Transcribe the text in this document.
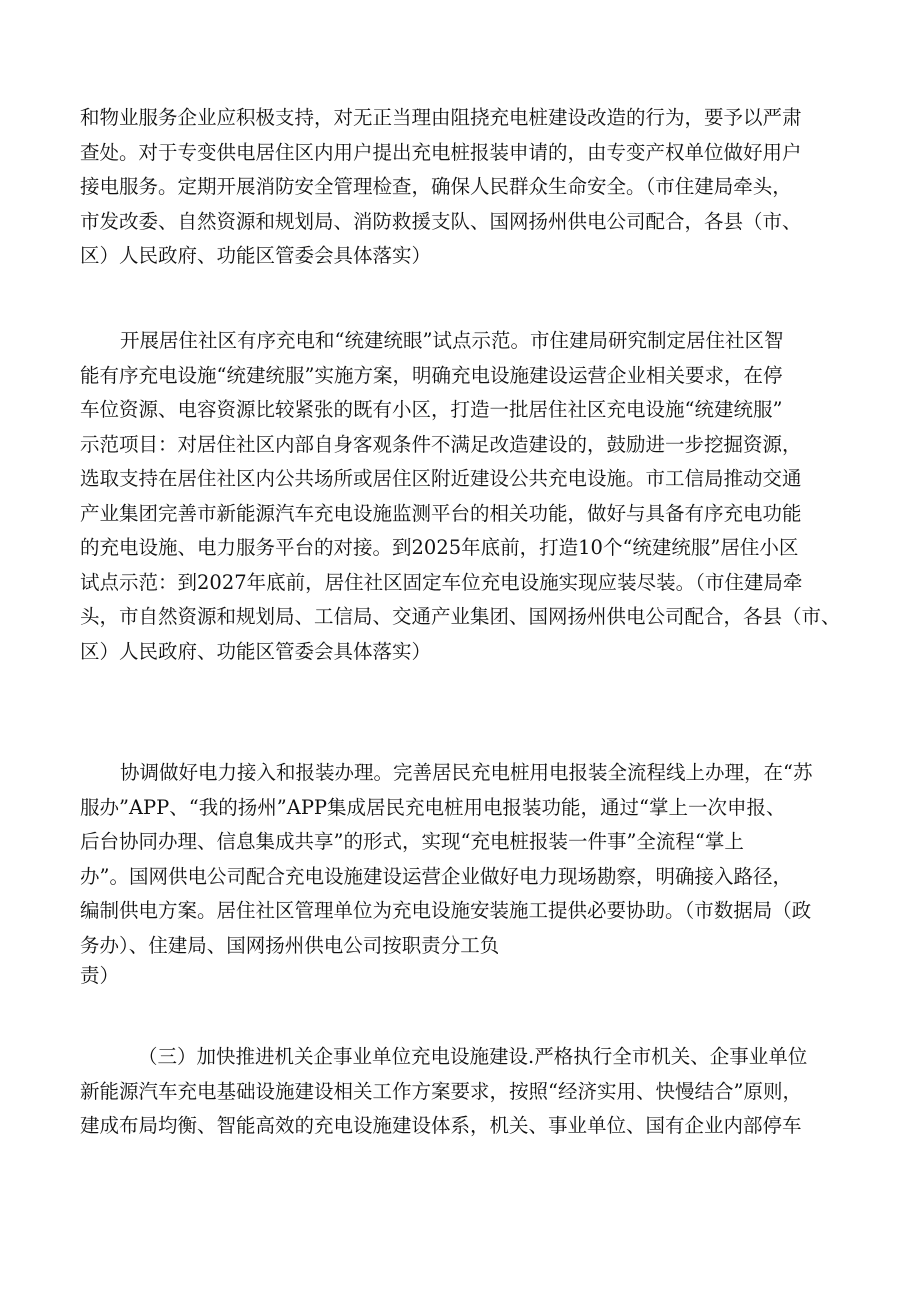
和物业服务企业应积极支持，对无正当理由阻挠充电桩建设改造的行为，要予以严肃
查处。对于专变供电居住区内用户提出充电桩报装申请的，由专变产权单位做好用户
接电服务。定期开展消防安全管理检查，确保人民群众生命安全。（市住建局牵头，
市发改委、自然资源和规划局、消防救援支队、国网扬州供电公司配合，各县（市、
区）人民政府、功能区管委会具体落实）
开展居住社区有序充电和“统建统眼”试点示范。市住建局研究制定居住社区智
能有序充电设施“统建统服”实施方案，明确充电设施建设运营企业相关要求，在停
车位资源、电容资源比较紧张的既有小区，打造一批居住社区充电设施“统建统服”
示范项目：对居住社区内部自身客观条件不满足改造建设的，鼓励进一步挖掘资源，
选取支持在居住社区内公共场所或居住区附近建设公共充电设施。市工信局推动交通
产业集团完善市新能源汽车充电设施监测平台的相关功能，做好与具备有序充电功能
的充电设施、电力服务平台的对接。到2025年底前，打造10个“统建统服”居住小区
试点示范：到2027年底前，居住社区固定车位充电设施实现应装尽装。（市住建局牵
头，市自然资源和规划局、工信局、交通产业集团、国网扬州供电公司配合，各县（市、
区）人民政府、功能区管委会具体落实）
协调做好电力接入和报装办理。完善居民充电桩用电报装全流程线上办理，在“苏
服办”APP、“我的扬州”APP集成居民充电桩用电报装功能，通过“掌上一次申报、
后台协同办理、信息集成共享”的形式，实现“充电桩报装一件事”全流程“掌上
办”。国网供电公司配合充电设施建设运营企业做好电力现场勘察，明确接入路径，
编制供电方案。居住社区管理单位为充电设施安装施工提供必要协助。（市数据局（政
务办）、住建局、国网扬州供电公司按职责分工负
责）
（三）加快推进机关企事业单位充电设施建设.严格执行全市机关、企事业单位
新能源汽车充电基础设施建设相关工作方案要求，按照“经济实用、快慢结合”原则，
建成布局均衡、智能高效的充电设施建设体系，机关、事业单位、国有企业内部停车
